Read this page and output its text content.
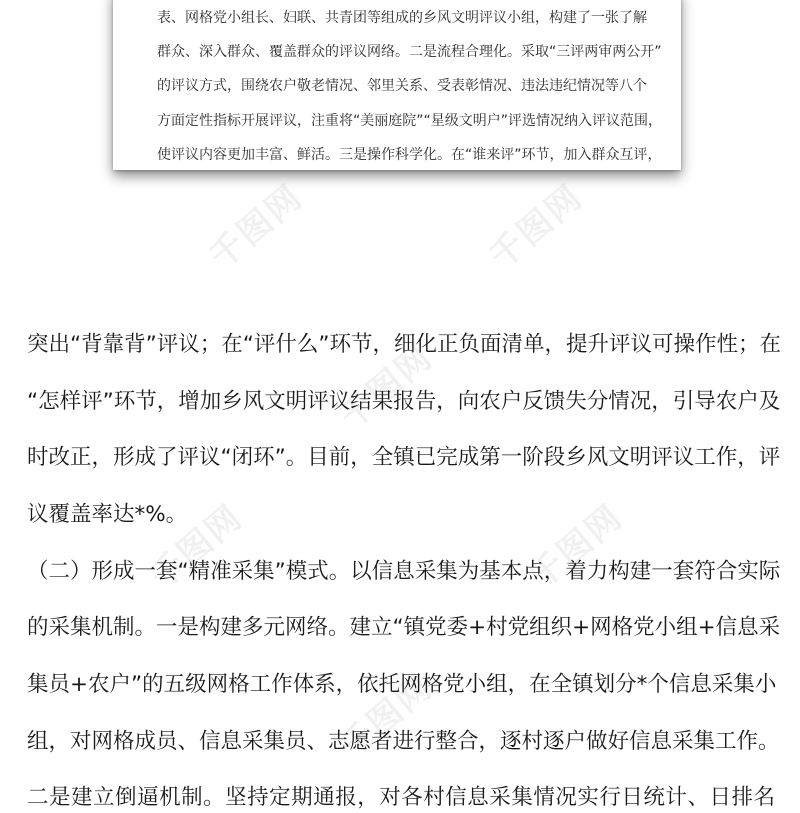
千图网	千图网
千图网
千图网	千图网
千图网
表、网格党小组长、妇联、共青团等组成的乡风文明评议小组，构建了一张了解
群众、深入群众、覆盖群众的评议网络。二是流程合理化。采取“三评两审两公开”
的评议方式，围绕农户敬老情况、邻里关系、受表彰情况、违法违纪情况等八个
方面定性指标开展评议，注重将“美丽庭院”“星级文明户”评选情况纳入评议范围，
使评议内容更加丰富、鲜活。三是操作科学化。在“谁来评”环节，加入群众互评，
突出“背靠背”评议；在“评什么”环节，细化正负面清单，提升评议可操作性；在
“怎样评”环节，增加乡风文明评议结果报告，向农户反馈失分情况，引导农户及
时改正，形成了评议“闭环”。目前，全镇已完成第一阶段乡风文明评议工作，评
议覆盖率达*%。
（二）形成一套“精准采集”模式。以信息采集为基本点，着力构建一套符合实际
的采集机制。一是构建多元网络。建立“镇党委+村党组织+网格党小组+信息采
集员+农户”的五级网格工作体系，依托网格党小组，在全镇划分*个信息采集小
组，对网格成员、信息采集员、志愿者进行整合，逐村逐户做好信息采集工作。
二是建立倒逼机制。坚持定期通报，对各村信息采集情况实行日统计、日排名
